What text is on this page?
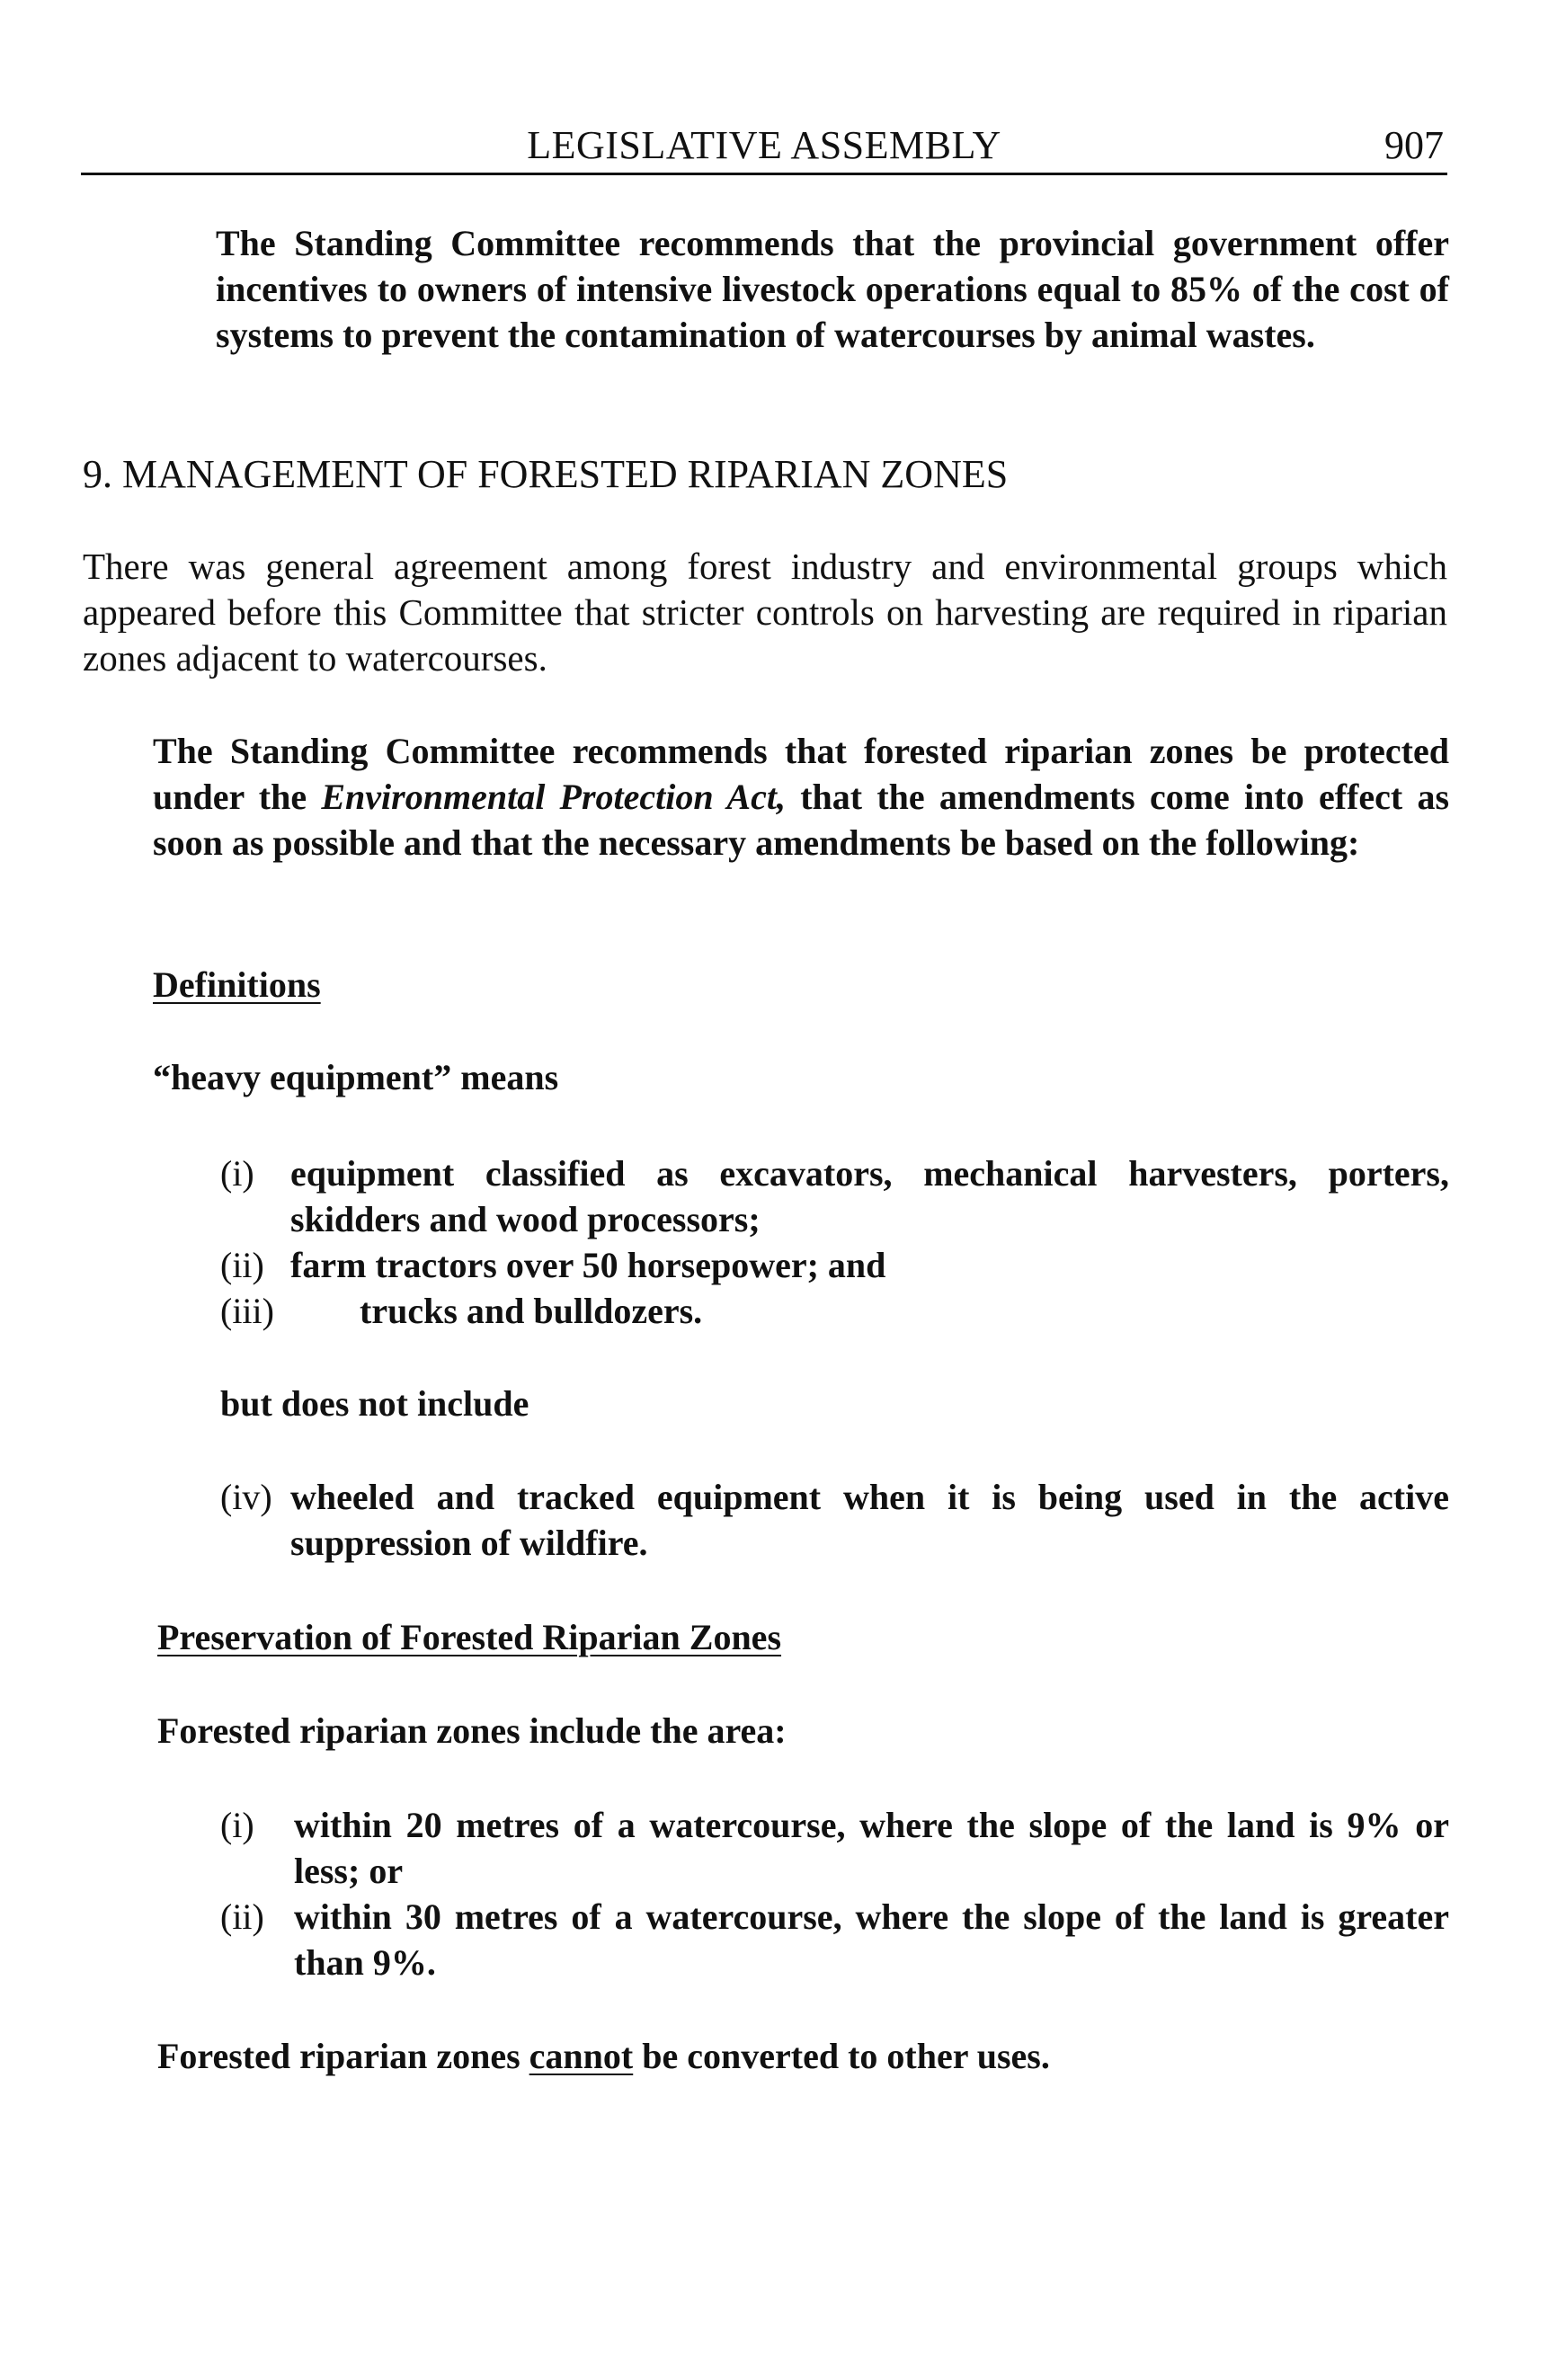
LEGISLATIVE ASSEMBLY	907
The Standing Committee recommends that the provincial government offer incentives to owners of intensive livestock operations equal to 85% of the cost of systems to prevent the contamination of watercourses by animal wastes.
9. MANAGEMENT OF FORESTED RIPARIAN ZONES
There was general agreement among forest industry and environmental groups which appeared before this Committee that stricter controls on harvesting are required in riparian zones adjacent to watercourses.
The Standing Committee recommends that forested riparian zones be protected under the Environmental Protection Act, that the amendments come into effect as soon as possible and that the necessary amendments be based on the following:
Definitions
“heavy equipment” means
(i) equipment classified as excavators, mechanical harvesters, porters, skidders and wood processors;
(ii) farm tractors over 50 horsepower; and
(iii) trucks and bulldozers.
but does not include
(iv) wheeled and tracked equipment when it is being used in the active suppression of wildfire.
Preservation of Forested Riparian Zones
Forested riparian zones include the area:
(i) within 20 metres of a watercourse, where the slope of the land is 9% or less; or
(ii) within 30 metres of a watercourse, where the slope of the land is greater than 9%.
Forested riparian zones cannot be converted to other uses.
